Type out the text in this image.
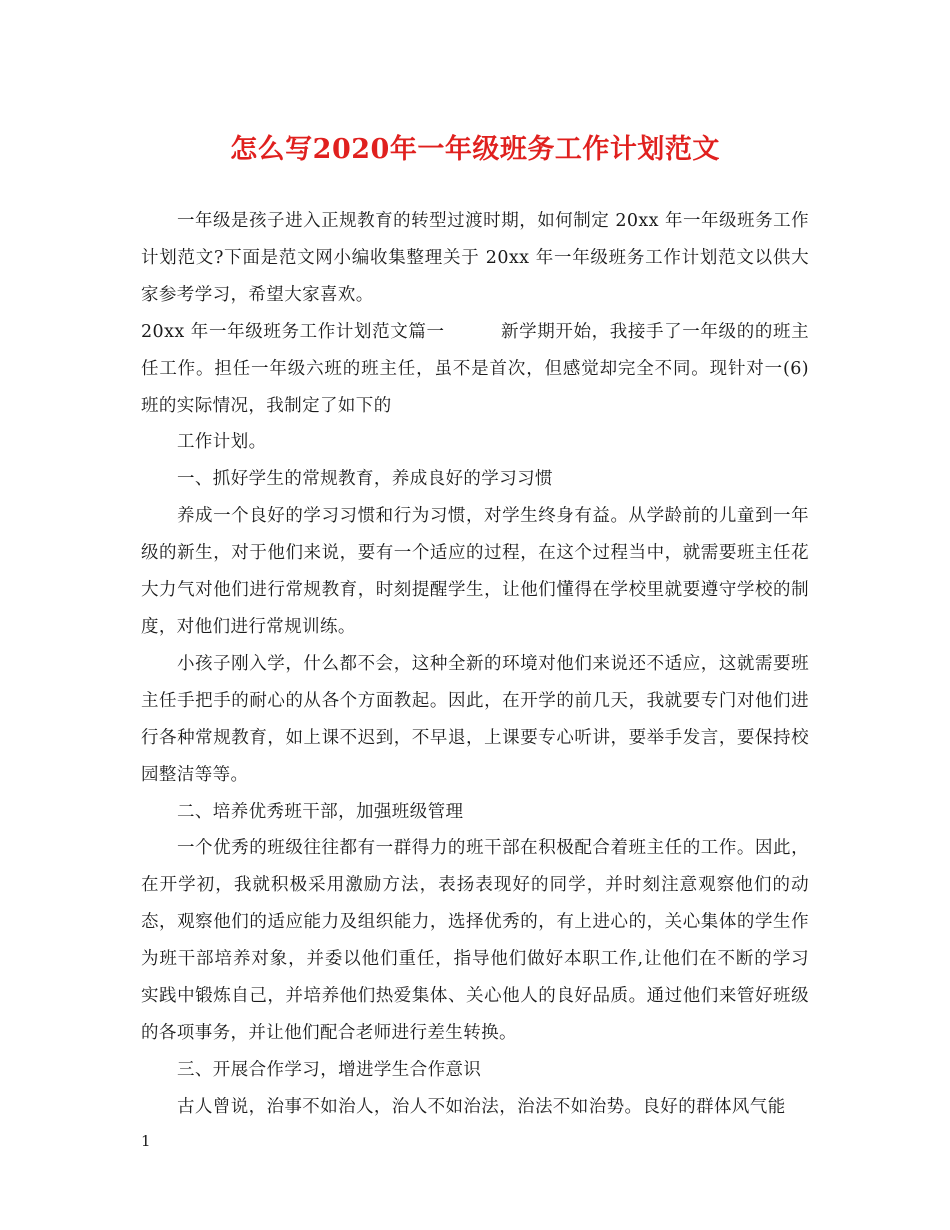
怎么写2020年一年级班务工作计划范文

一年级是孩子进入正规教育的转型过渡时期，如何制定 20xx 年一年级班务工作计划范文?下面是范文网小编收集整理关于 20xx 年一年级班务工作计划范文以供大家参考学习，希望大家喜欢。

20xx 年一年级班务工作计划范文篇一	新学期开始，我接手了一年级的的班主任工作。担任一年级六班的班主任，虽不是首次，但感觉却完全不同。现针对一(6)班的实际情况，我制定了如下的

工作计划。

一、抓好学生的常规教育，养成良好的学习习惯

养成一个良好的学习习惯和行为习惯，对学生终身有益。从学龄前的儿童到一年级的新生，对于他们来说，要有一个适应的过程，在这个过程当中，就需要班主任花大力气对他们进行常规教育，时刻提醒学生，让他们懂得在学校里就要遵守学校的制度，对他们进行常规训练。

小孩子刚入学，什么都不会，这种全新的环境对他们来说还不适应，这就需要班主任手把手的耐心的从各个方面教起。因此，在开学的前几天，我就要专门对他们进行各种常规教育，如上课不迟到，不早退，上课要专心听讲，要举手发言，要保持校园整洁等等。

二、培养优秀班干部，加强班级管理

一个优秀的班级往往都有一群得力的班干部在积极配合着班主任的工作。因此，在开学初，我就积极采用激励方法，表扬表现好的同学，并时刻注意观察他们的动态，观察他们的适应能力及组织能力，选择优秀的，有上进心的，关心集体的学生作为班干部培养对象，并委以他们重任，指导他们做好本职工作,让他们在不断的学习实践中锻炼自己，并培养他们热爱集体、关心他人的良好品质。通过他们来管好班级的各项事务，并让他们配合老师进行差生转换。

三、开展合作学习，增进学生合作意识

古人曾说，治事不如治人，治人不如治法，治法不如治势。良好的群体风气能

1
